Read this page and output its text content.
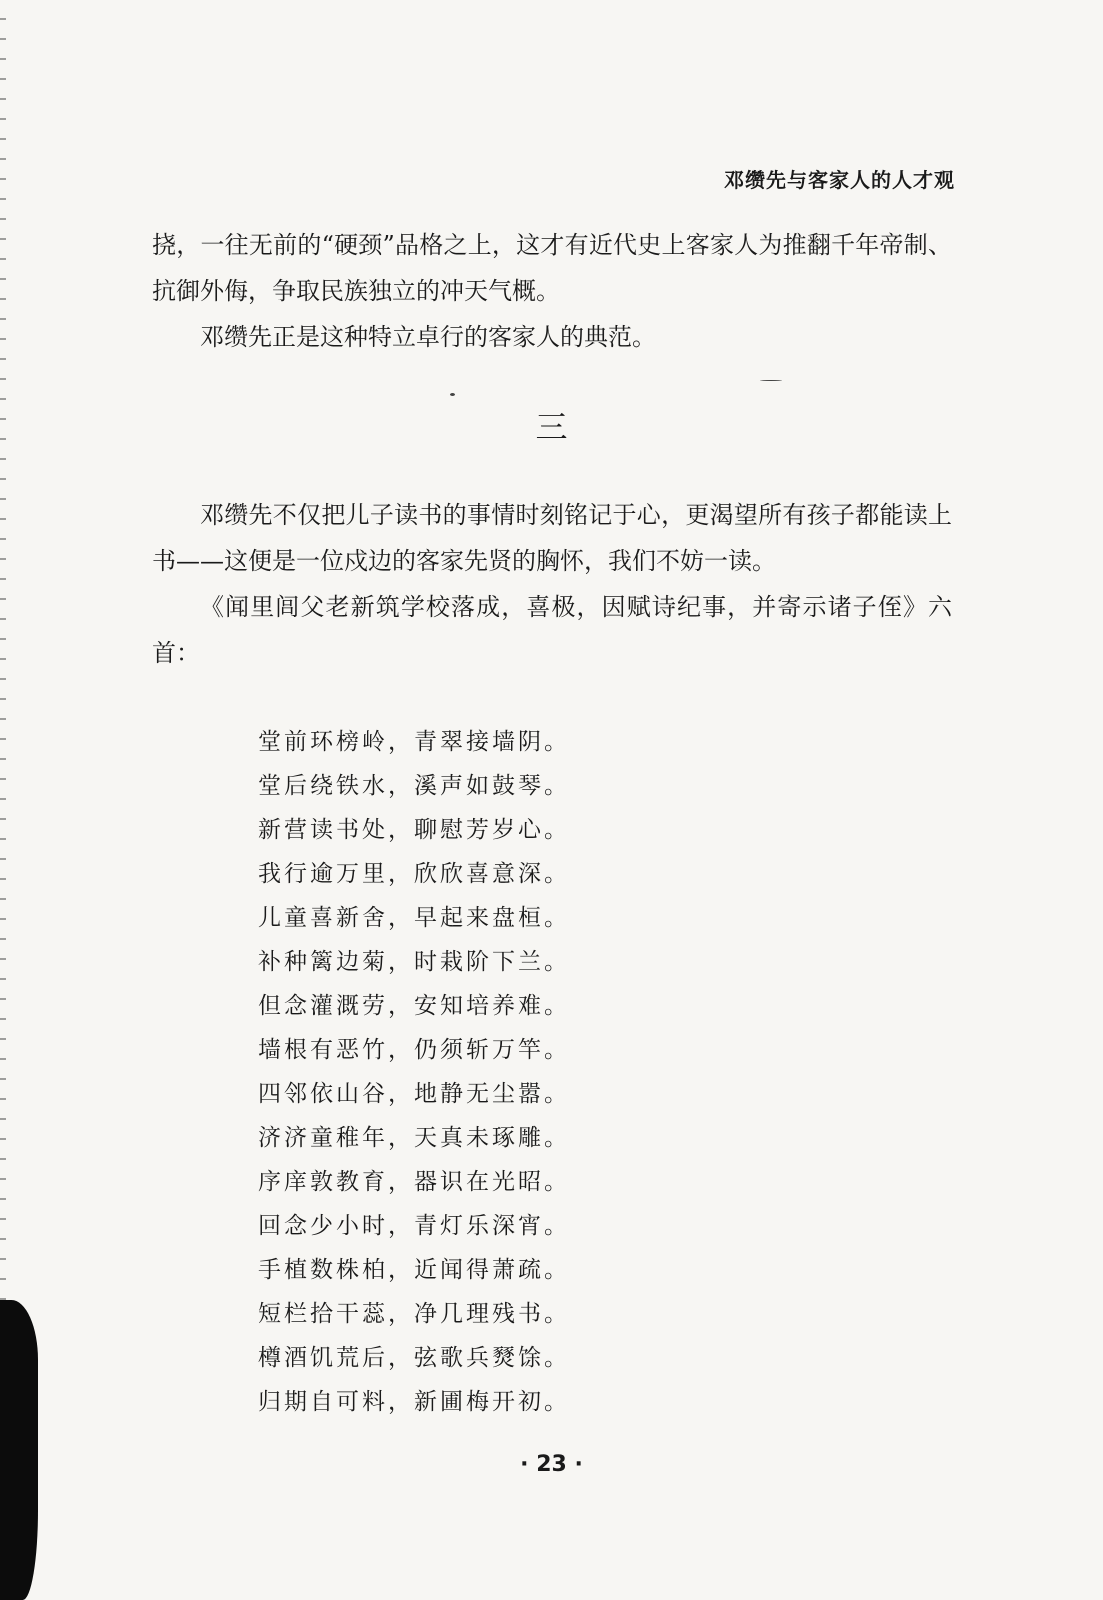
邓缵先与客家人的人才观

挠，一往无前的“硬颈”品格之上，这才有近代史上客家人为推翻千年帝制、抗御外侮，争取民族独立的冲天气概。

邓缵先正是这种特立卓行的客家人的典范。

三

邓缵先不仅把儿子读书的事情时刻铭记于心，更渴望所有孩子都能读上书——这便是一位戍边的客家先贤的胸怀，我们不妨一读。

《闻里闾父老新筑学校落成，喜极，因赋诗纪事，并寄示诸子侄》六首：

堂前环榜岭，青翠接墙阴。
堂后绕铁水，溪声如鼓琴。
新营读书处，聊慰芳岁心。
我行逾万里，欣欣喜意深。
儿童喜新舍，早起来盘桓。
补种篱边菊，时栽阶下兰。
但念灌溉劳，安知培养难。
墙根有恶竹，仍须斩万竿。
四邻依山谷，地静无尘嚣。
济济童稚年，天真未琢雕。
序庠敦教育，器识在光昭。
回念少小时，青灯乐深宵。
手植数株柏，近闻得萧疏。
短栏拾干蕊，净几理残书。
樽酒饥荒后，弦歌兵燹馀。
归期自可料，新圃梅开初。
· 23 ·
